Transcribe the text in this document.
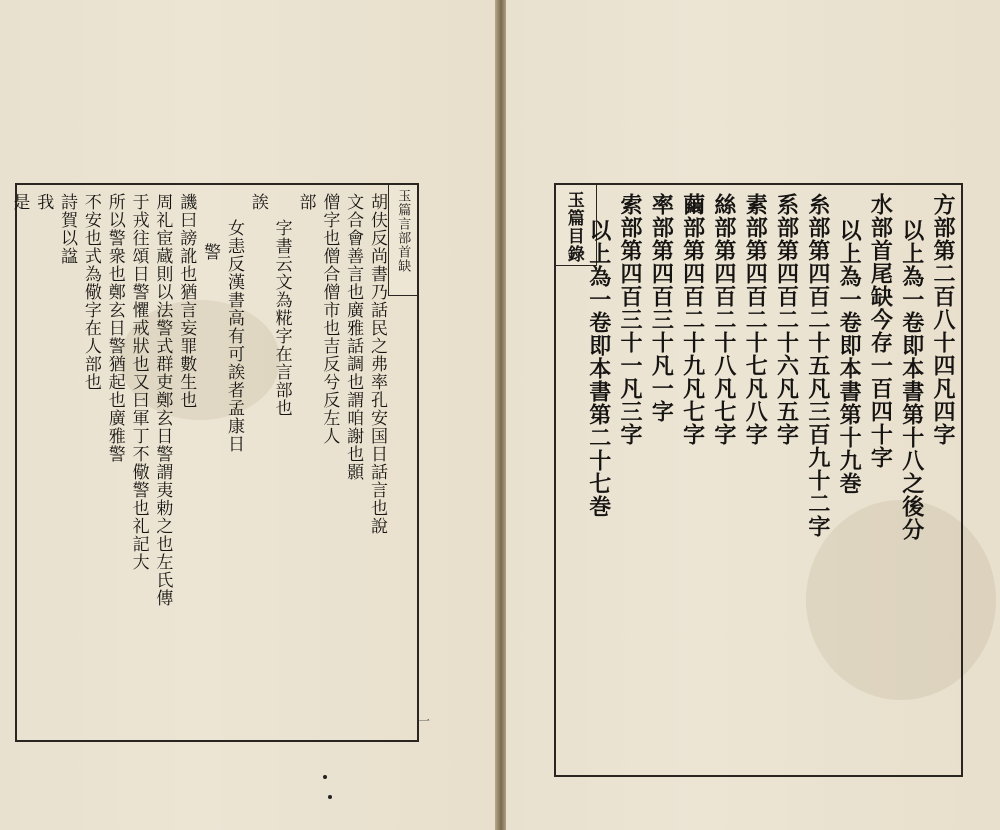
玉篇言部首缺
胡伕反尚書乃話民之弗率孔安国日話言也說
文合會善言也廣雅話調也謂咱謝也顥
僧字也僧合僧市也吉反兮反左人
部
字書云文為糀字在言部也
誒
女恚反漢書高有可誒者孟康日
警
譏曰謗訛也猶言妄罪數生也
周礼宦蔵則以法警式群吏鄭玄日警謂夷勅之也左氏傳
于戎往頌日警懼戒狀也又曰軍丁不儆警也礼記大
所以警衆也鄭玄日警猶起也廣雅警
不安也式為儆字在人部也
詩賀以諡
我
是
一
玉篇目錄	方部第二百八十四凡四字
以上為一卷即本書第十八之後分
水部首尾缺今存一百四十字
以上為一卷即本書第十九巻
糸部第四百二十五凡三百九十二字
系部第四百二十六凡五字
素部第四百二十七凡八字
絲部第四百二十八凡七字
繭部第四百二十九凡七字
率部第四百三十凡一字
索部第四百三十一凡三字
以上為一卷即本書第二十七巻
